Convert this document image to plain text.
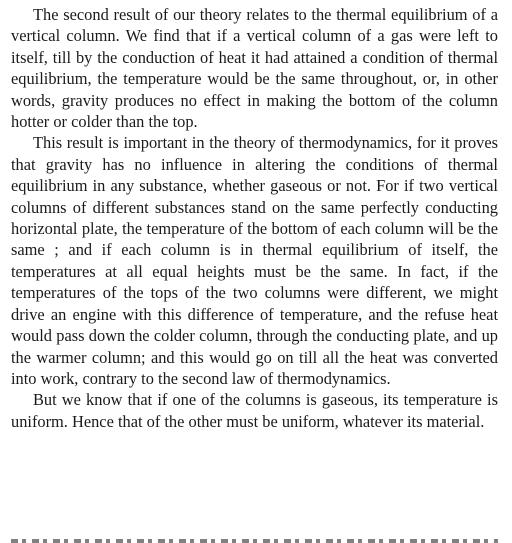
The second result of our theory relates to the thermal equilibrium of a vertical column. We find that if a vertical column of a gas were left to itself, till by the conduction of heat it had attained a condition of thermal equilibrium, the temperature would be the same throughout, or, in other words, gravity produces no effect in making the bottom of the column hotter or colder than the top.

This result is important in the theory of thermodynamics, for it proves that gravity has no influence in altering the conditions of thermal equilibrium in any substance, whether gaseous or not. For if two vertical columns of different substances stand on the same perfectly conducting horizontal plate, the temperature of the bottom of each column will be the same ; and if each column is in thermal equilibrium of itself, the temperatures at all equal heights must be the same. In fact, if the temperatures of the tops of the two columns were different, we might drive an engine with this difference of temperature, and the refuse heat would pass down the colder column, through the conducting plate, and up the warmer column; and this would go on till all the heat was converted into work, contrary to the second law of thermodynamics.

But we know that if one of the columns is gaseous, its temperature is uniform. Hence that of the other must be uniform, whatever its material.
